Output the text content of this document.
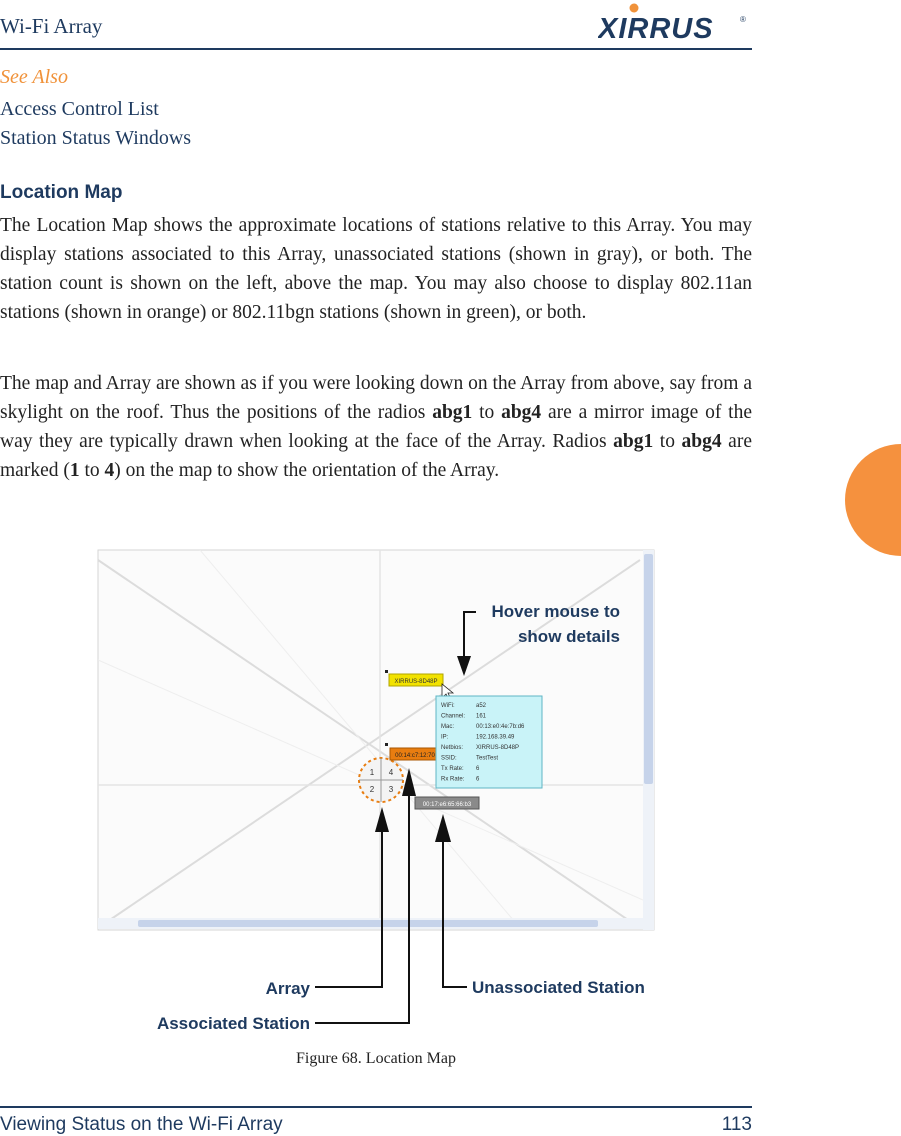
Wi-Fi Array	XIRRUS	®
See Also
Access Control List
Station Status Windows
Location Map

The Location Map shows the approximate locations of stations relative to this Array. You may display stations associated to this Array, unassociated stations (shown in gray), or both. The station count is shown on the left, above the map. You may also choose to display 802.11an stations (shown in orange) or 802.11bgn stations (shown in green), or both.

The map and Array are shown as if you were looking down on the Array from above, say from a skylight on the roof. Thus the positions of the radios abg1 to abg4 are a mirror image of the way they are typically drawn when looking at the face of the Array. Radios abg1 to abg4 are marked (1 to 4) on the map to show the orientation of the Array.

1 4
2 3
XIRRUS-8D48P
00:14:c7:12:70
00:17:e6:65:66:b3
WiFi:	a52
Channel: 161
Mac:	00:13:e0:4e:7b:d6
IP:	192.168.39.49
Netbios: XIRRUS-8D48P
SSID:	TestTest
Tx Rate: 6
Rx Rate: 6
Hover mouse to
show details
Array
Associated Station
Unassociated Station
Figure 68. Location Map
Viewing Status on the Wi-Fi Array	113
